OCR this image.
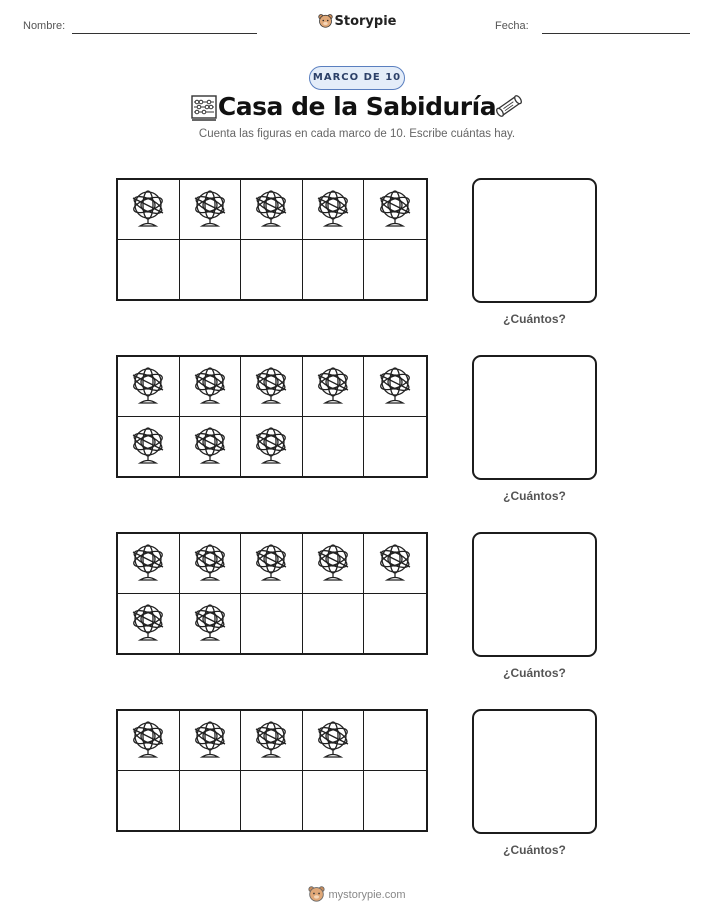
Nombre:	Storypie	Fecha:
MARCO DE 10
Casa de la Sabiduría
Cuenta las figuras en cada marco de 10. Escribe cuántas hay.
¿Cuántos?
¿Cuántos?
¿Cuántos?
¿Cuántos?
mystorypie.com
